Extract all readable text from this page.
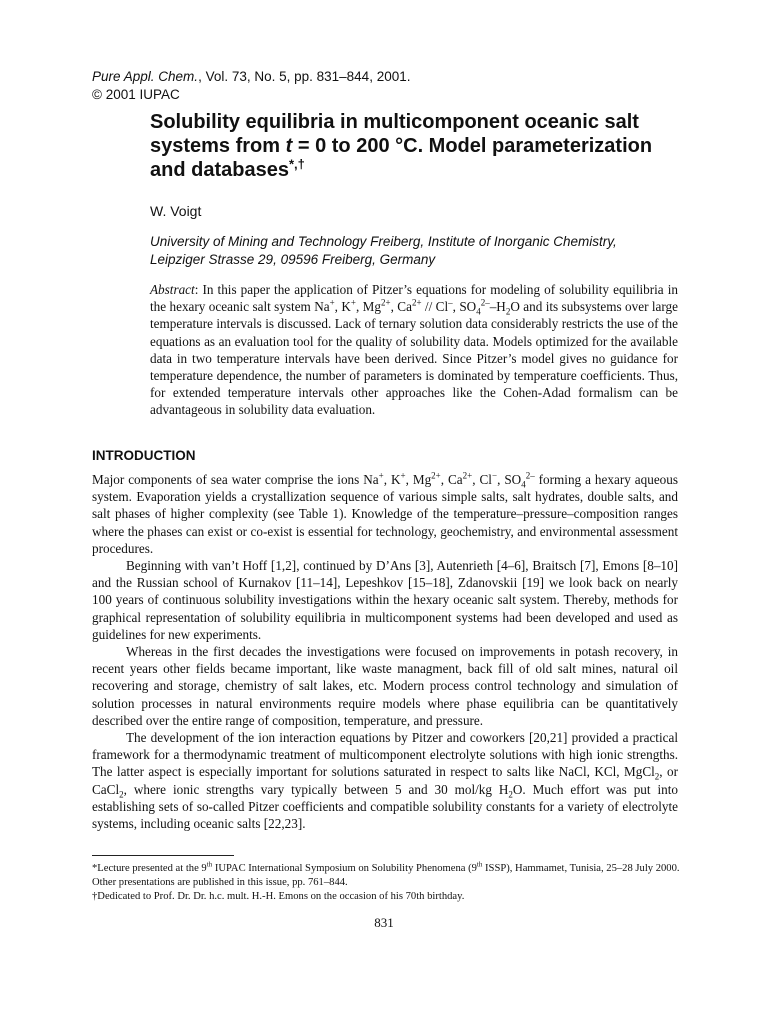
Pure Appl. Chem., Vol. 73, No. 5, pp. 831–844, 2001.
© 2001 IUPAC
Solubility equilibria in multicomponent oceanic salt systems from t = 0 to 200 °C. Model parameterization and databases*,†
W. Voigt
University of Mining and Technology Freiberg, Institute of Inorganic Chemistry,
Leipziger Strasse 29, 09596 Freiberg, Germany
Abstract: In this paper the application of Pitzer’s equations for modeling of solubility equilibria in the hexary oceanic salt system Na+, K+, $Mg^{2+}$, $Ca^{2+} // Cl^-$, $SO_4^{2-}-H_2O$ and its subsystems over large temperature intervals is discussed. Lack of ternary solution data considerably restricts the use of the equations as an evaluation tool for the quality of solubility data. Models optimized for the available data in two temperature intervals have been derived. Since Pitzer’s model gives no guidance for temperature dependence, the number of parameters is dominated by temperature coefficients. Thus, for extended temperature intervals other approaches like the Cohen-Adad formalism can be advantageous in solubility data evaluation.
INTRODUCTION

Major components of sea water comprise the ions Na+, K+, $Mg^{2+}$, $Ca^{2+}$, Cl−, $SO_4^{2-}$ forming a hexary aqueous system. Evaporation yields a crystallization sequence of various simple salts, salt hydrates, double salts, and salt phases of higher complexity (see Table 1). Knowledge of the temperature–pressure–composition ranges where the phases can exist or co-exist is essential for technology, geochemistry, and environmental assessment procedures.

Beginning with van’t Hoff [1,2], continued by D’Ans [3], Autenrieth [4–6], Braitsch [7], Emons [8–10] and the Russian school of Kurnakov [11–14], Lepeshkov [15–18], Zdanovskii [19] we look back on nearly 100 years of continuous solubility investigations within the hexary oceanic salt system. Thereby, methods for graphical representation of solubility equilibria in multicomponent systems had been developed and used as guidelines for new experiments.

Whereas in the first decades the investigations were focused on improvements in potash recovery, in recent years other fields became important, like waste managment, back fill of old salt mines, natural oil recovering and storage, chemistry of salt lakes, etc. Modern process control technology and simulation of solution processes in natural environments require models where phase equilibria can be quantitatively described over the entire range of composition, temperature, and pressure.

The development of the ion interaction equations by Pitzer and coworkers [20,21] provided a practical framework for a thermodynamic treatment of multicomponent electrolyte solutions with high ionic strengths. The latter aspect is especially important for solutions saturated in respect to salts like NaCl, KCl, MgCl$_2$, or CaCl$_2$, where ionic strengths vary typically between 5 and 30 mol/kg $H_2O$. Much effort was put into establishing sets of so-called Pitzer coefficients and compatible solubility constants for a variety of electrolyte systems, including oceanic salts [22,23].

*Lecture presented at the 9th IUPAC International Symposium on Solubility Phenomena (9th ISSP), Hammamet, Tunisia, 25–28 July 2000. Other presentations are published in this issue, pp. 761–844.

†Dedicated to Prof. Dr. Dr. h.c. mult. H.-H. Emons on the occasion of his 70th birthday.

831
